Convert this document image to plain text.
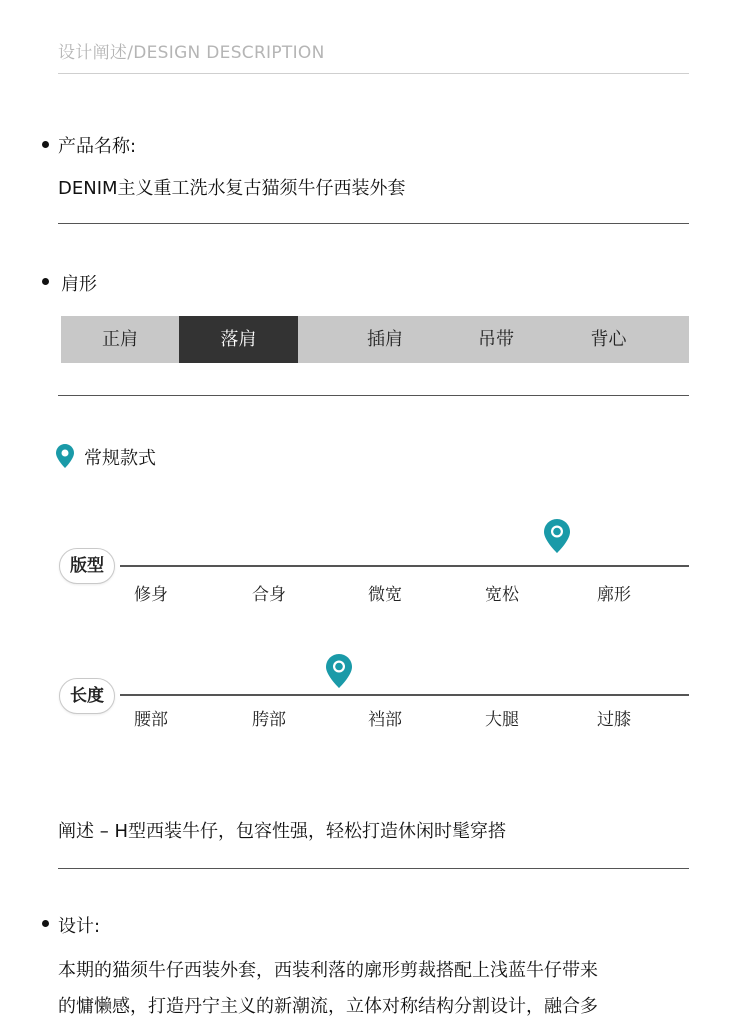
设计阐述/DESIGN DESCRIPTION
产品名称:
DENIM主义重工洗水复古猫须牛仔西装外套
肩形
正肩	落肩	插肩	吊带	背心
常规款式
版型
修身	合身	微宽	宽松	廓形
长度
腰部	胯部	裆部	大腿	过膝
阐述 – H型西装牛仔，包容性强，轻松打造休闲时髦穿搭
设计:
本期的猫须牛仔西装外套，西装利落的廓形剪裁搭配上浅蓝牛仔带来
的慵懒感，打造丹宁主义的新潮流，立体对称结构分割设计，融合多
